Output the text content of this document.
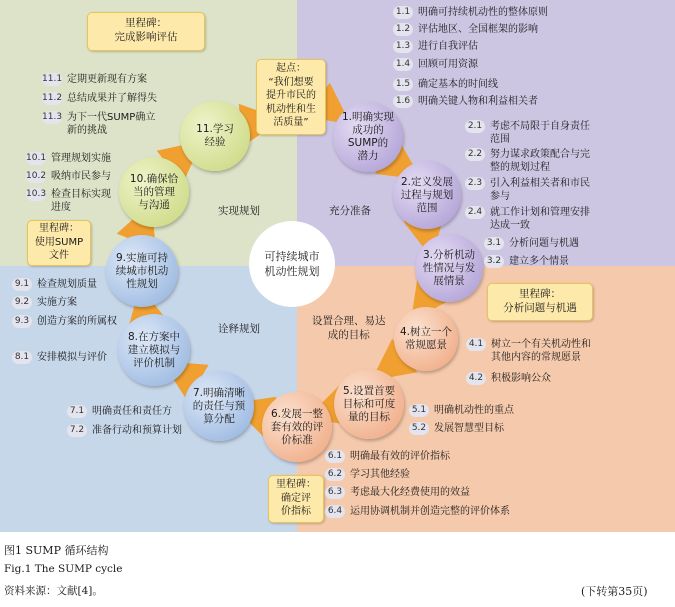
可持续城市
机动性规划
起点：
“我们想要
提升市民的
机动性和生
活质量”	1.明确实现
成功的
SUMP的
潜力
2.定义发展
过程与规划
范围
3.分析机动
性情况与发
展情景
4.树立一个
常规愿景
5.设置首要
目标和可度
量的目标
6.发展一整
套有效的评
价标准
7.明确清晰
的责任与预
算分配
8.在方案中
建立模拟与
评价机制
9.实施可持
续城市机动
性规划
10.确保恰
当的管理
与沟通
11.学习
经验
实现规划	充分准备
诠释规划
设置合理、易达
成的目标
里程碑：
完成影响评估
里程碑：
使用SUMP
文件
里程碑：
分析问题与机遇
里程碑：
确定评
价指标
1.1 明确可持续机动性的整体原则
1.2 评估地区、全国框架的影响
1.3 进行自我评估
1.4 回顾可用资源
1.5 确定基本的时间线
1.6 明确关键人物和利益相关者
2.1 考虑不局限于自身责任
范围
2.2 努力谋求政策配合与完
整的规划过程
2.3 引入利益相关者和市民
参与
2.4 就工作计划和管理安排
达成一致
3.1 分析问题与机遇
3.2 建立多个情景
4.1 树立一个有关机动性和
其他内容的常规愿景
4.2 积极影响公众
5.1 明确机动性的重点
5.2 发展智慧型目标
6.1 明确最有效的评价指标
6.2 学习其他经验
6.3 考虑最大化经费使用的效益
6.4 运用协调机制并创造完整的评价体系
7.1 明确责任和责任方
7.2 准备行动和预算计划
8.1 安排模拟与评价
9.1 检查规划质量
9.2 实施方案
9.3 创造方案的所属权
10.1 管理规划实施
10.2 吸纳市民参与
10.3 检查目标实现
进度
11.1 定期更新现有方案
11.2 总结成果并了解得失
11.3 为下一代SUMP确立
新的挑战
图1 SUMP 循环结构
Fig.1 The SUMP cycle
资料来源：文献[4]。	(下转第35页)
